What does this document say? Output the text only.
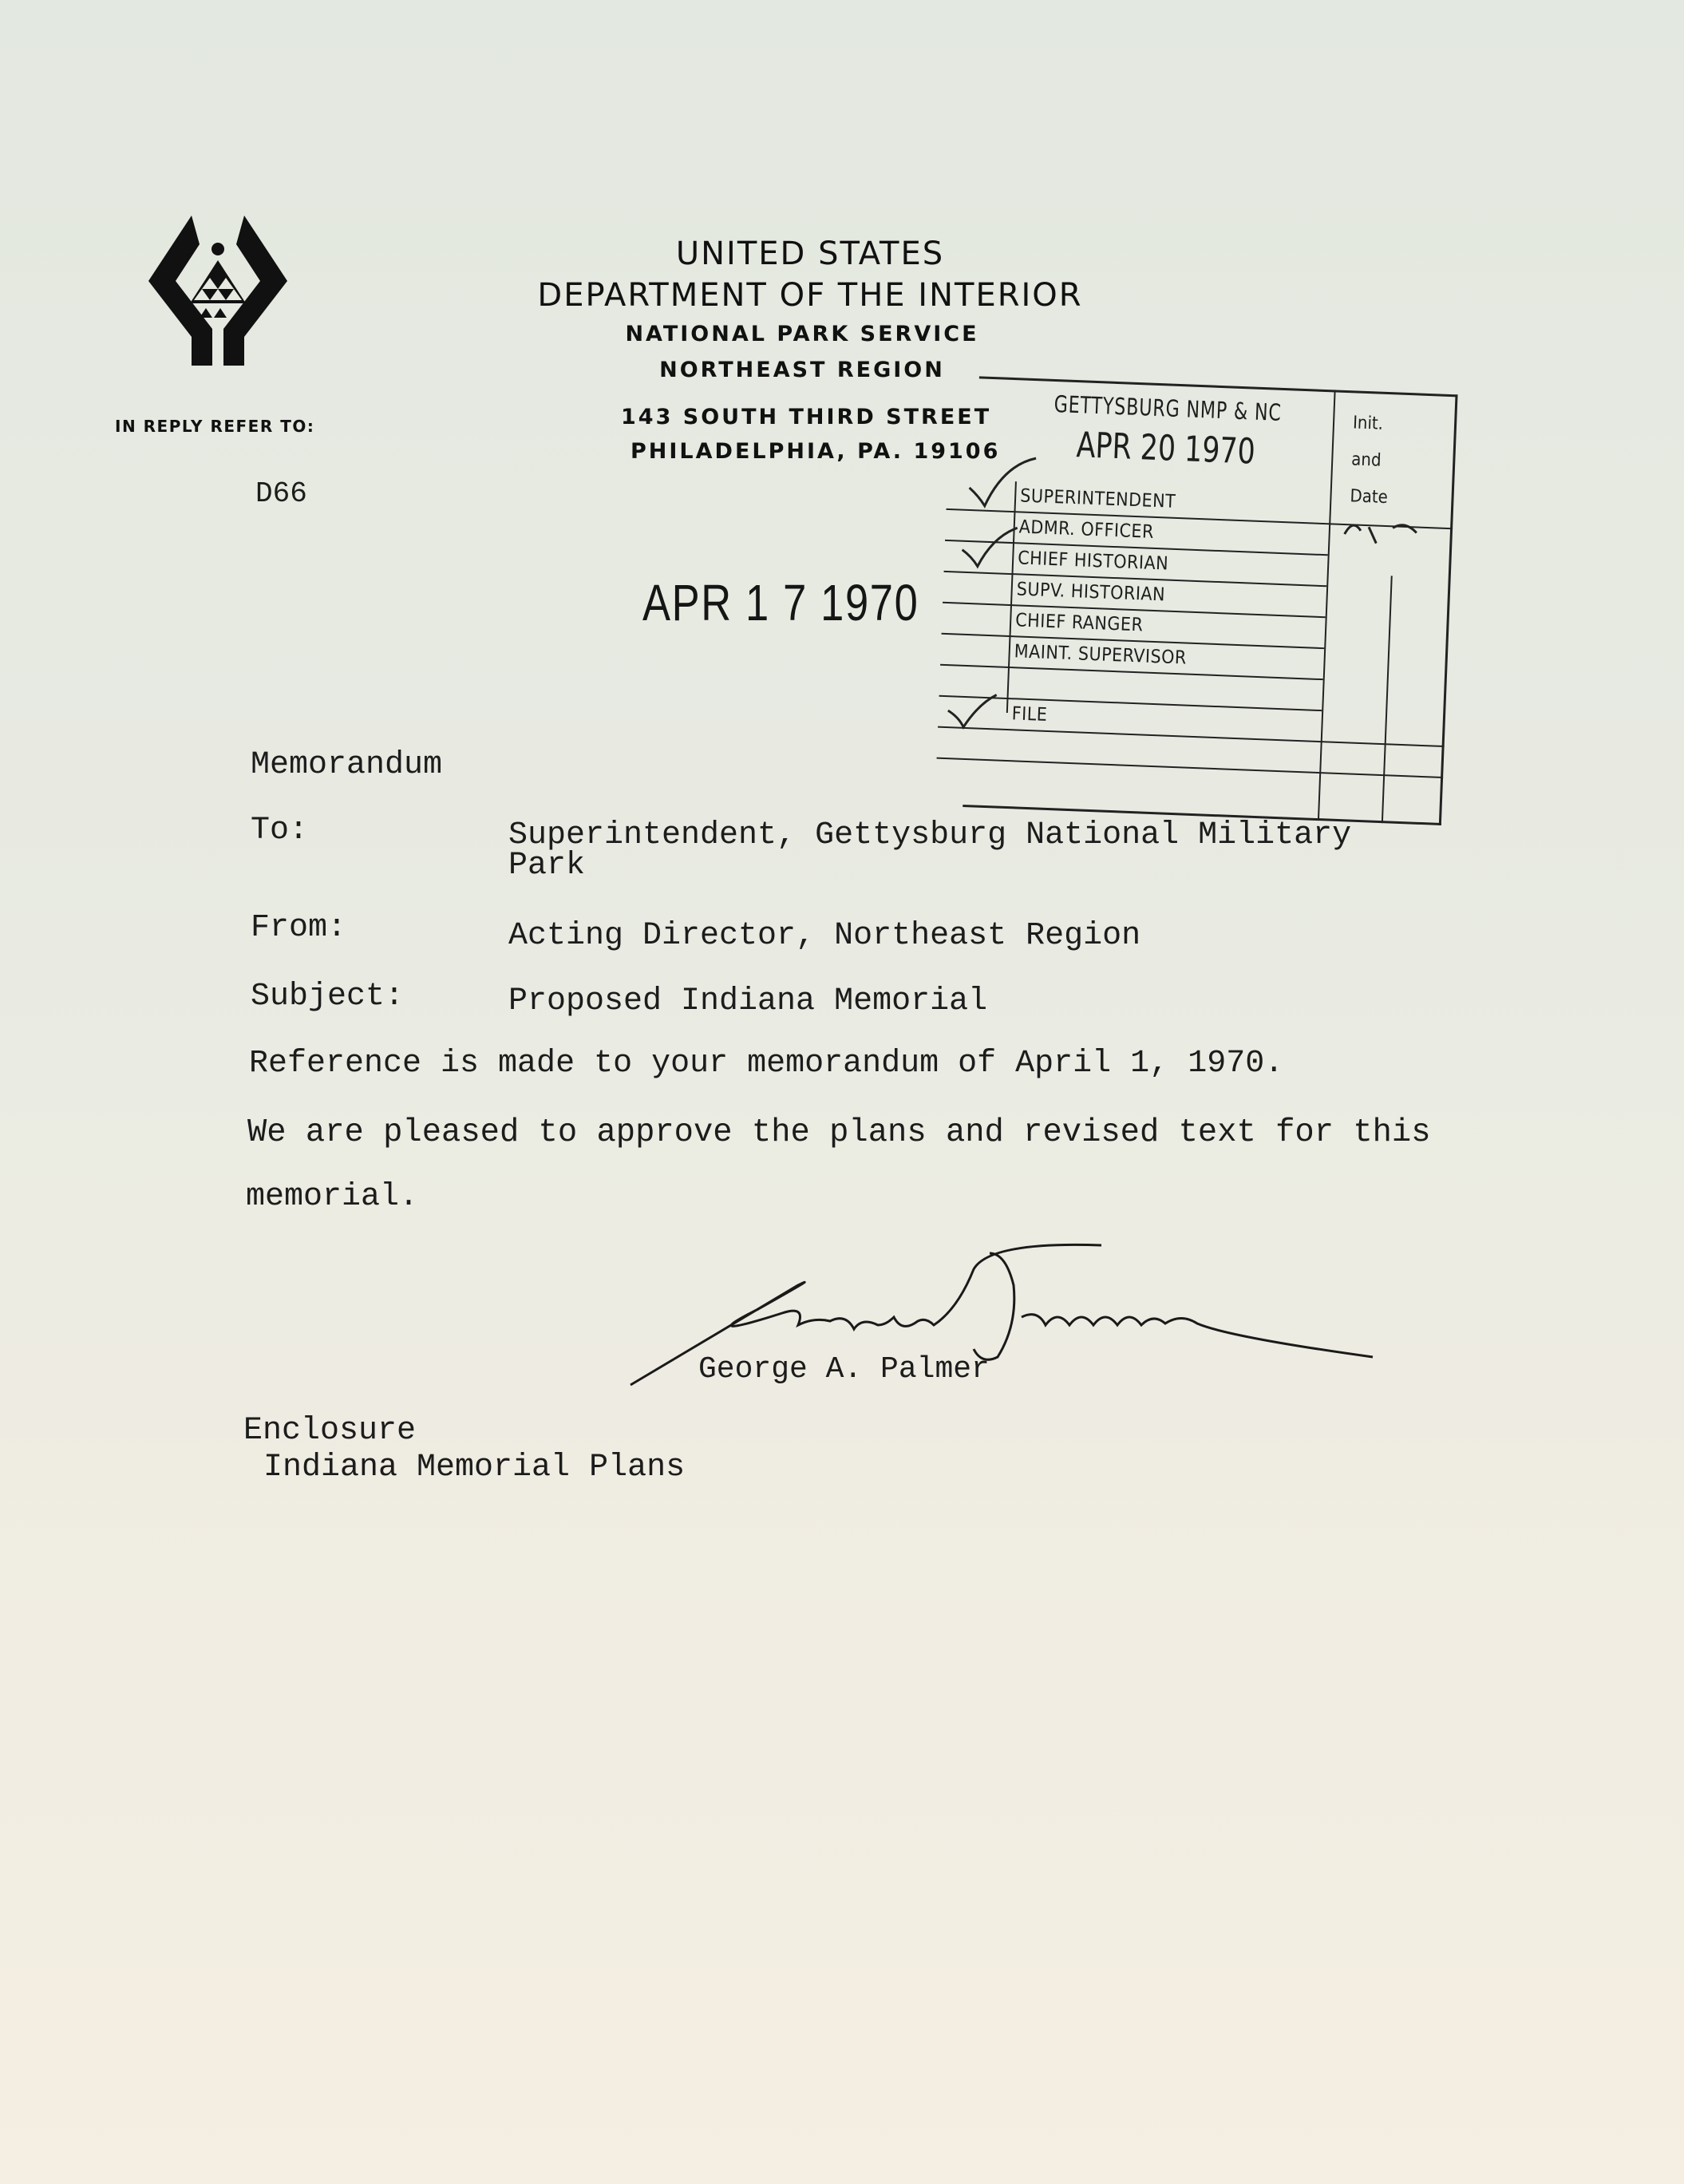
UNITED STATES
DEPARTMENT OF THE INTERIOR
NATIONAL PARK SERVICE
NORTHEAST REGION
143 SOUTH THIRD STREET
PHILADELPHIA, PA. 19106
IN REPLY REFER TO:
D66
APR 1 7 1970
GETTYSBURG NMP & NC
APR 20 1970
Init.
and
Date
SUPERINTENDENT
ADMR. OFFICER
CHIEF HISTORIAN
SUPV. HISTORIAN
CHIEF RANGER
MAINT. SUPERVISOR
FILE
Memorandum
To:	Superintendent, Gettysburg National Military
Park
From:	Acting Director, Northeast Region
Subject:	Proposed Indiana Memorial
Reference is made to your memorandum of April 1, 1970.
We are pleased to approve the plans and revised text for this
memorial.
George A. Palmer
Enclosure
Indiana Memorial Plans
